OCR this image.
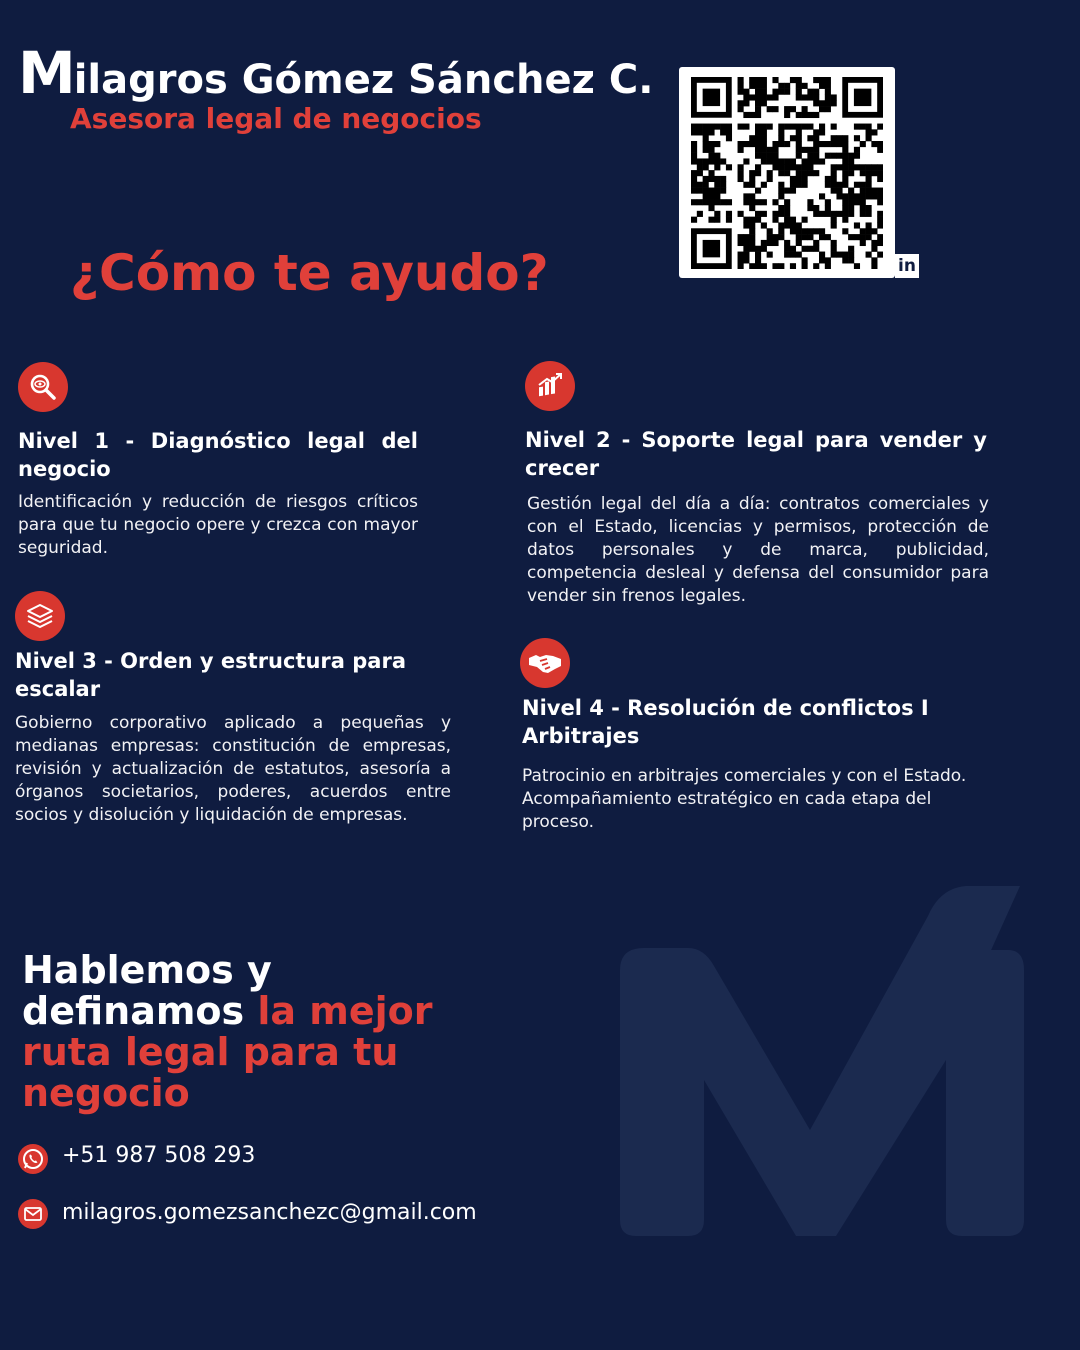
Milagros Gómez Sánchez C.
Asesora legal de negocios
¿Cómo te ayudo?	in
Nivel 1 - Diagnóstico legal del negocio
Identificación y reducción de riesgos críticos para que tu negocio opere y crezca con mayor seguridad.
Nivel 2 - Soporte legal para vender y crecer
Gestión legal del día a día: contratos comerciales y con el Estado, licencias y permisos, protección de datos personales y de marca, publicidad, competencia desleal y defensa del consumidor para vender sin frenos legales.
Nivel 3 - Orden y estructura para escalar
Gobierno corporativo aplicado a pequeñas y medianas empresas: constitución de empresas, revisión y actualización de estatutos, asesoría a órganos societarios, poderes, acuerdos entre socios y disolución y liquidación de empresas.
Nivel 4 - Resolución de conflictos I Arbitrajes
Patrocinio en arbitrajes comerciales y con el Estado.
Acompañamiento estratégico en cada etapa del proceso.
Hablemos y definamos la mejor ruta legal para tu negocio
+51 987 508 293
milagros.gomezsanchezc@gmail.com
